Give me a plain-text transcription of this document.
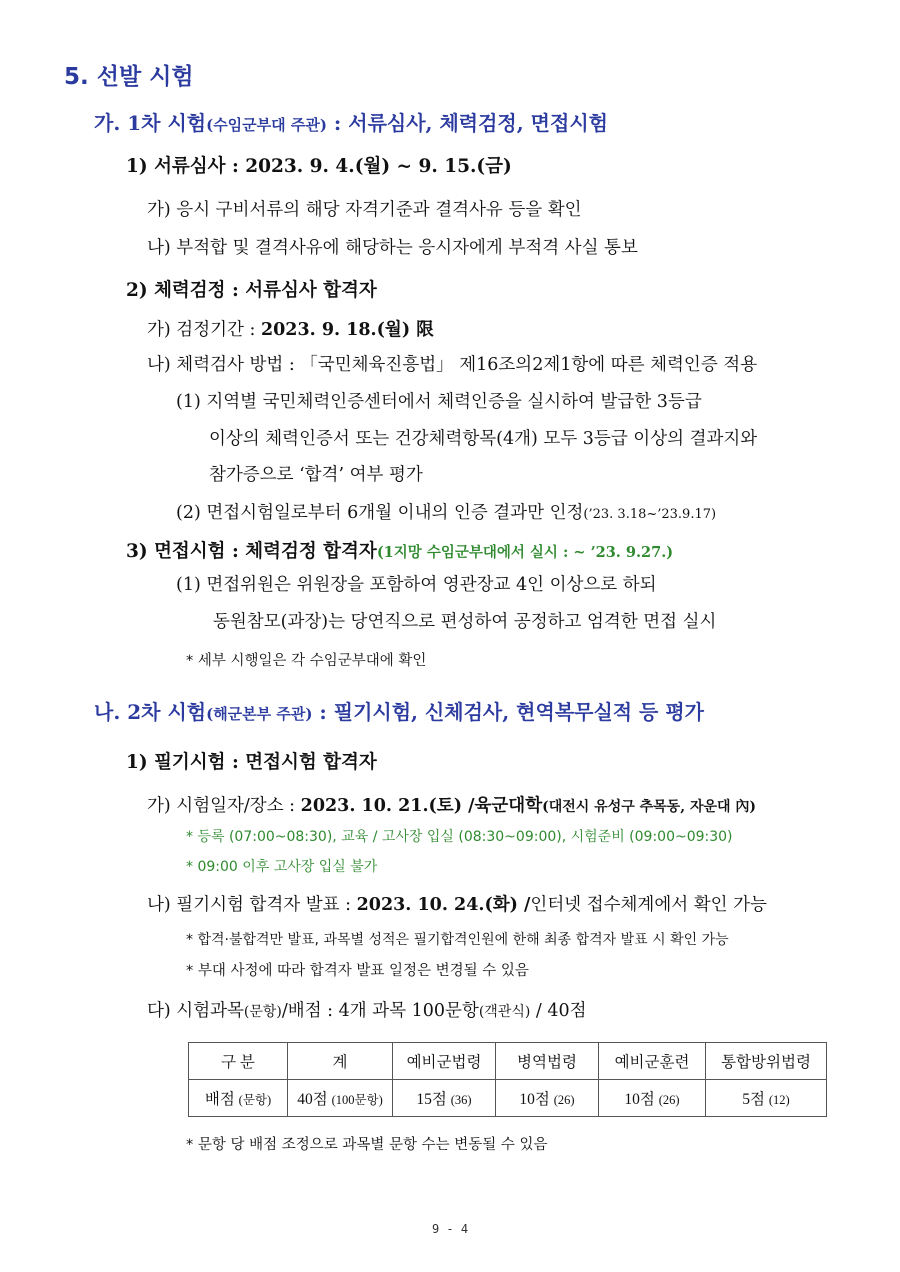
5. 선발 시험
가. 1차 시험(수임군부대 주관) : 서류심사, 체력검정, 면접시험
1) 서류심사 : 2023. 9. 4.(월) ~ 9. 15.(금)
가) 응시 구비서류의 해당 자격기준과 결격사유 등을 확인
나) 부적합 및 결격사유에 해당하는 응시자에게 부적격 사실 통보
2) 체력검정 : 서류심사 합격자
가) 검정기간 : 2023. 9. 18.(월) 限
나) 체력검사 방법 : 「국민체육진흥법」 제16조의2제1항에 따른 체력인증 적용
(1) 지역별 국민체력인증센터에서 체력인증을 실시하여 발급한 3등급
이상의 체력인증서 또는 건강체력항목(4개) 모두 3등급 이상의 결과지와
참가증으로 ‘합격’ 여부 평가
(2) 면접시험일로부터 6개월 이내의 인증 결과만 인정(’23. 3.18~’23.9.17)
3) 면접시험 : 체력검정 합격자(1지망 수임군부대에서 실시 : ~ ’23. 9.27.)
(1) 면접위원은 위원장을 포함하여 영관장교 4인 이상으로 하되
동원참모(과장)는 당연직으로 편성하여 공정하고 엄격한 면접 실시
* 세부 시행일은 각 수임군부대에 확인
나. 2차 시험(해군본부 주관) : 필기시험, 신체검사, 현역복무실적 등 평가
1) 필기시험 : 면접시험 합격자
가) 시험일자/장소 : 2023. 10. 21.(토) /육군대학(대전시 유성구 추목동, 자운대 內)
* 등록 (07:00~08:30), 교육 / 고사장 입실 (08:30~09:00), 시험준비 (09:00~09:30)
* 09:00 이후 고사장 입실 불가
나) 필기시험 합격자 발표 : 2023. 10. 24.(화) /인터넷 접수체계에서 확인 가능
* 합격·불합격만 발표, 과목별 성적은 필기합격인원에 한해 최종 합격자 발표 시 확인 가능
* 부대 사정에 따라 합격자 발표 일정은 변경될 수 있음
다) 시험과목(문항)/배점 : 4개 과목 100문항(객관식) / 40점
구 분	계	예비군법령	병역법령	예비군훈련	통합방위법령
배점 (문항)	40점 (100문항)	15점 (36)	10점 (26)	10점 (26)	5점 (12)
* 문항 당 배점 조정으로 과목별 문항 수는 변동될 수 있음
9 - 4
